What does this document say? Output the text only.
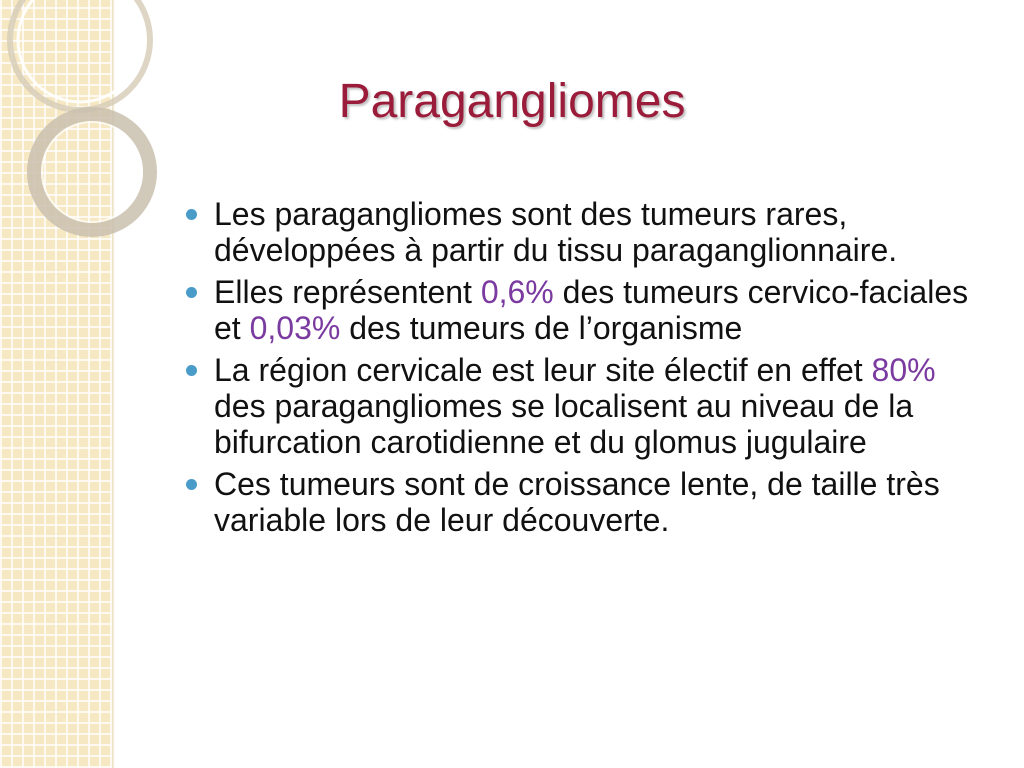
Paragangliomes
Les paragangliomes sont des tumeurs rares, développées à partir du tissu paraganglionnaire.
Elles représentent 0,6% des tumeurs cervico-faciales et 0,03% des tumeurs de l’organisme
La région cervicale est leur site électif en effet 80% des paragangliomes se localisent au niveau de la bifurcation carotidienne et du glomus jugulaire
Ces tumeurs sont de croissance lente, de taille très variable lors de leur découverte.
